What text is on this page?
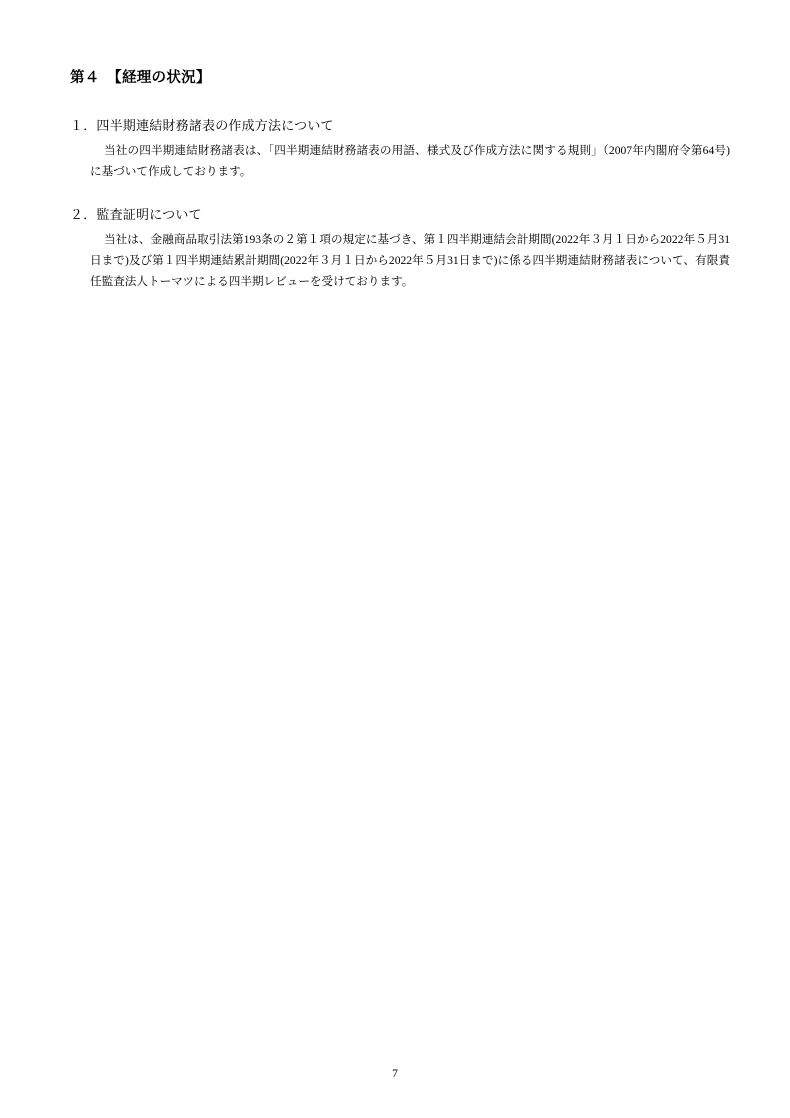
第４　【経理の状況】
１．四半期連結財務諸表の作成方法について

当社の四半期連結財務諸表は、「四半期連結財務諸表の用語、様式及び作成方法に関する規則」（2007年内閣府令第64号)に基づいて作成しております。

２．監査証明について

当社は、金融商品取引法第193条の２第１項の規定に基づき、第１四半期連結会計期間(2022年３月１日から2022年５月31日まで)及び第１四半期連結累計期間(2022年３月１日から2022年５月31日まで)に係る四半期連結財務諸表について、有限責任監査法人トーマツによる四半期レビューを受けております。

7
